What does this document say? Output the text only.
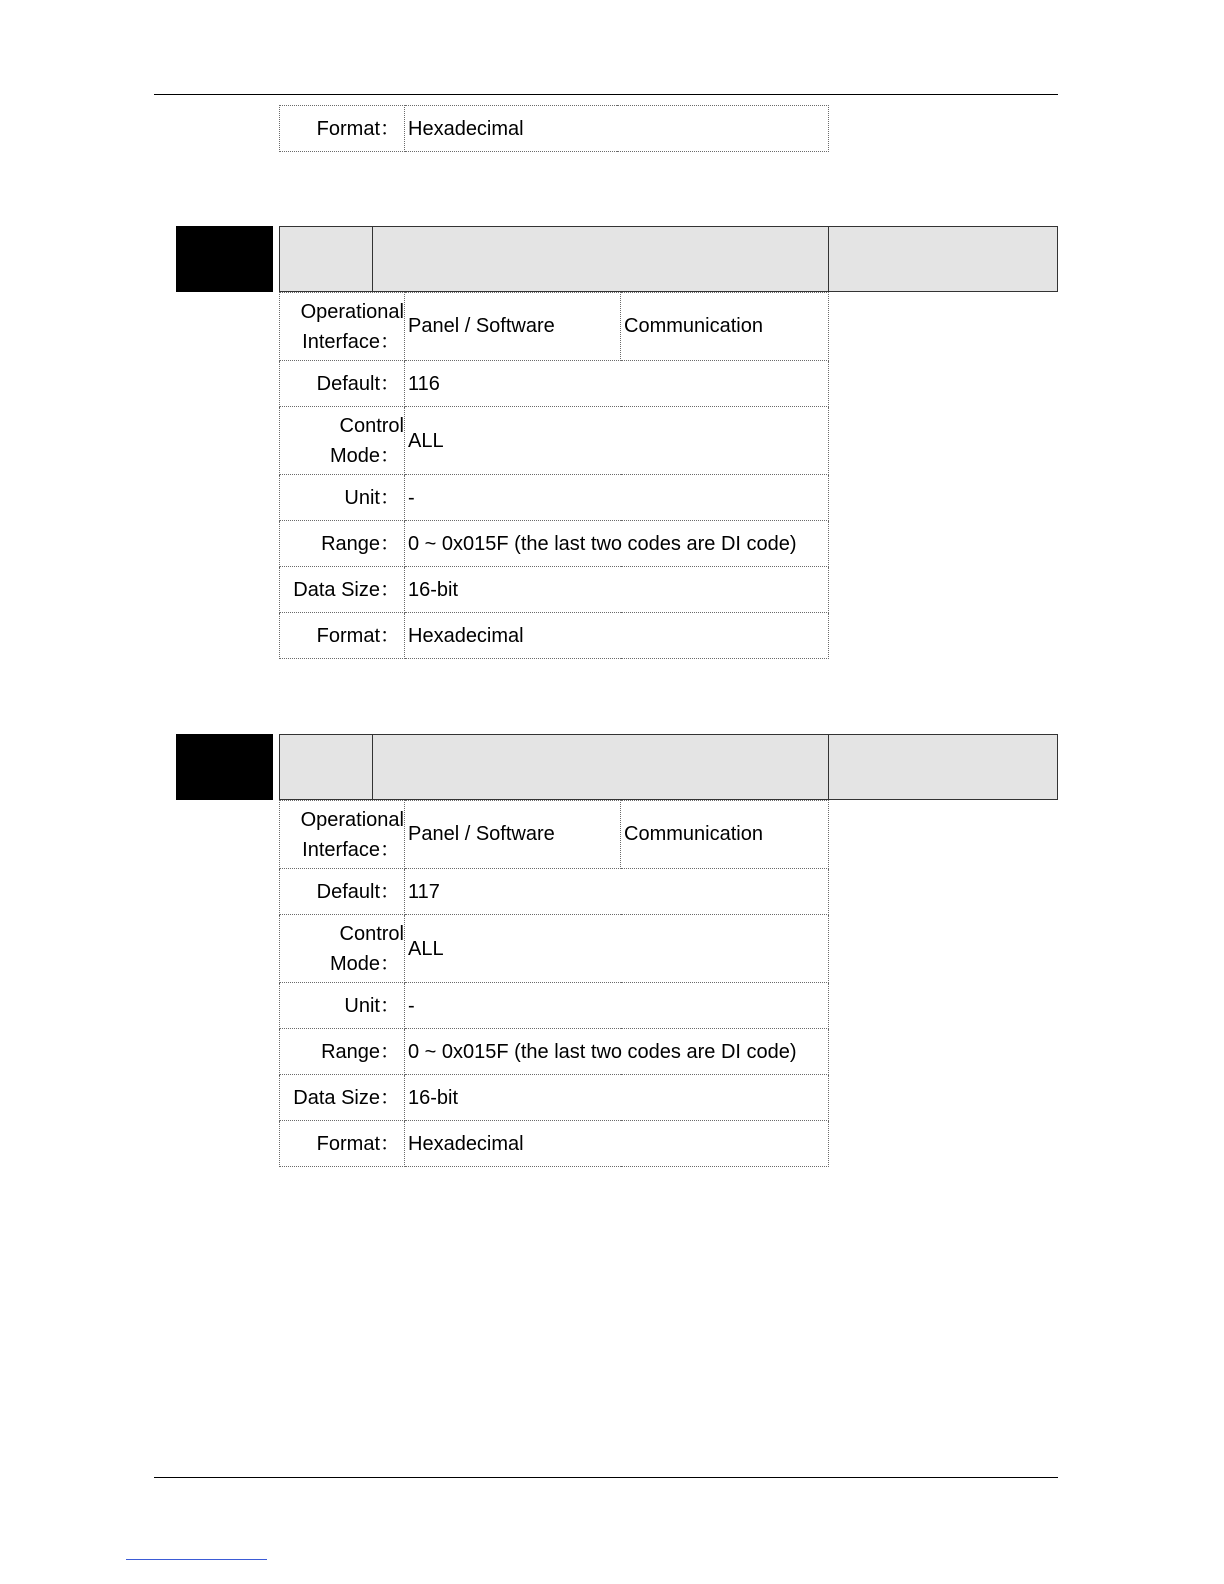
Format：	Hexadecimal
Operational
Interface：	Panel / Software	Communication
Default：	116	

Control
Mode：	ALL	
Unit：	-	
Range：	0 ~ 0x015F (the last two codes are DI code)	
Data Size：	16-bit	
Format：	Hexadecimal	
Operational
Interface：	Panel / Software	Communication
Default：	117	

Control
Mode：	ALL	
Unit：	-	
Range：	0 ~ 0x015F (the last two codes are DI code)	
Data Size：	16-bit	
Format：	Hexadecimal	
